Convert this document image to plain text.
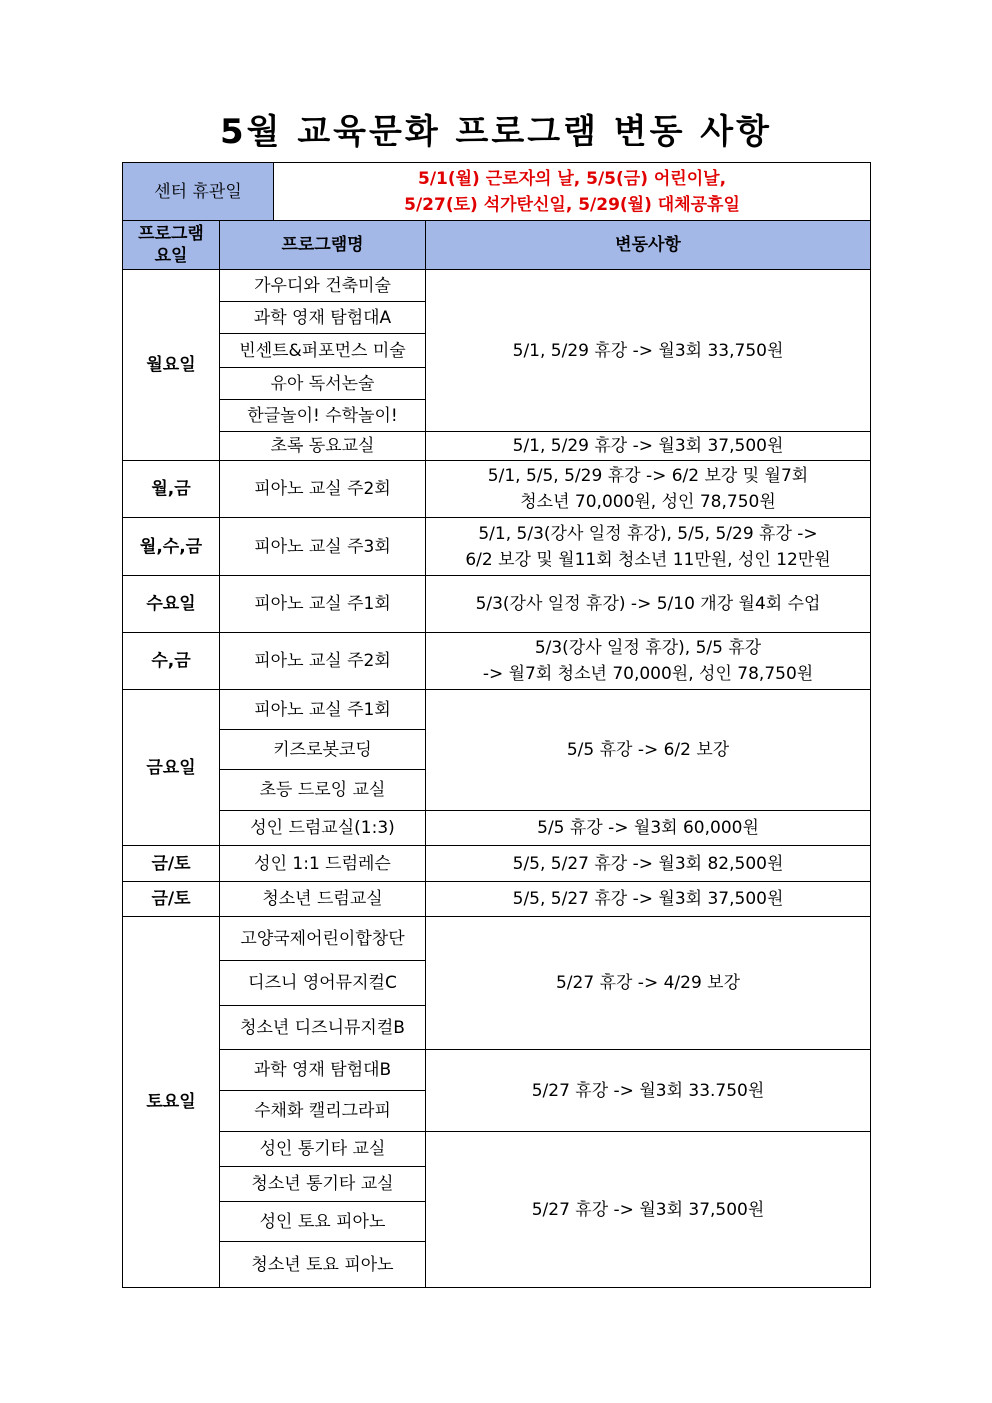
5월 교육문화 프로그램 변동 사항
센터 휴관일		5/1(월) 근로자의 날, 5/5(금) 어린이날,
5/27(토) 석가탄신일, 5/29(월) 대체공휴일	

프로그램
요일	프로그램명		변동사항
월요일	가우디와 건축미술		5/1, 5/29 휴강 -> 월3회 33,750원
	과학 영재 탐험대A		
	빈센트&퍼포먼스 미술		
	유아 독서논술		
	한글놀이! 수학놀이!		
	초록 동요교실		5/1, 5/29 휴강 -> 월3회 37,500원
월,금	피아노 교실 주2회		5/1, 5/5, 5/29 휴강 -> 6/2 보강 및 월7회
청소년 70,000원, 성인 78,750원

월,수,금	피아노 교실 주3회		5/1, 5/3(강사 일정 휴강), 5/5, 5/29 휴강 ->
6/2 보강 및 월11회 청소년 11만원, 성인 12만원

수요일	피아노 교실 주1회		5/3(강사 일정 휴강) -> 5/10 개강 월4회 수업
수,금	피아노 교실 주2회		5/3(강사 일정 휴강), 5/5 휴강
-> 월7회 청소년 70,000원, 성인 78,750원

금요일	피아노 교실 주1회		5/5 휴강 -> 6/2 보강
	키즈로봇코딩		
	초등 드로잉 교실		
	성인 드럼교실(1:3)		5/5 휴강 -> 월3회 60,000원
금/토	성인 1:1 드럼레슨		5/5, 5/27 휴강 -> 월3회 82,500원
금/토	청소년 드럼교실		5/5, 5/27 휴강 -> 월3회 37,500원
토요일	고양국제어린이합창단		5/27 휴강 -> 4/29 보강
	디즈니 영어뮤지컬C		
	청소년 디즈니뮤지컬B		
	과학 영재 탐험대B		5/27 휴강 -> 월3회 33.750원
	수채화 캘리그라피		
	성인 통기타 교실		5/27 휴강 -> 월3회 37,500원
	청소년 통기타 교실		
	성인 토요 피아노		
	청소년 토요 피아노		
